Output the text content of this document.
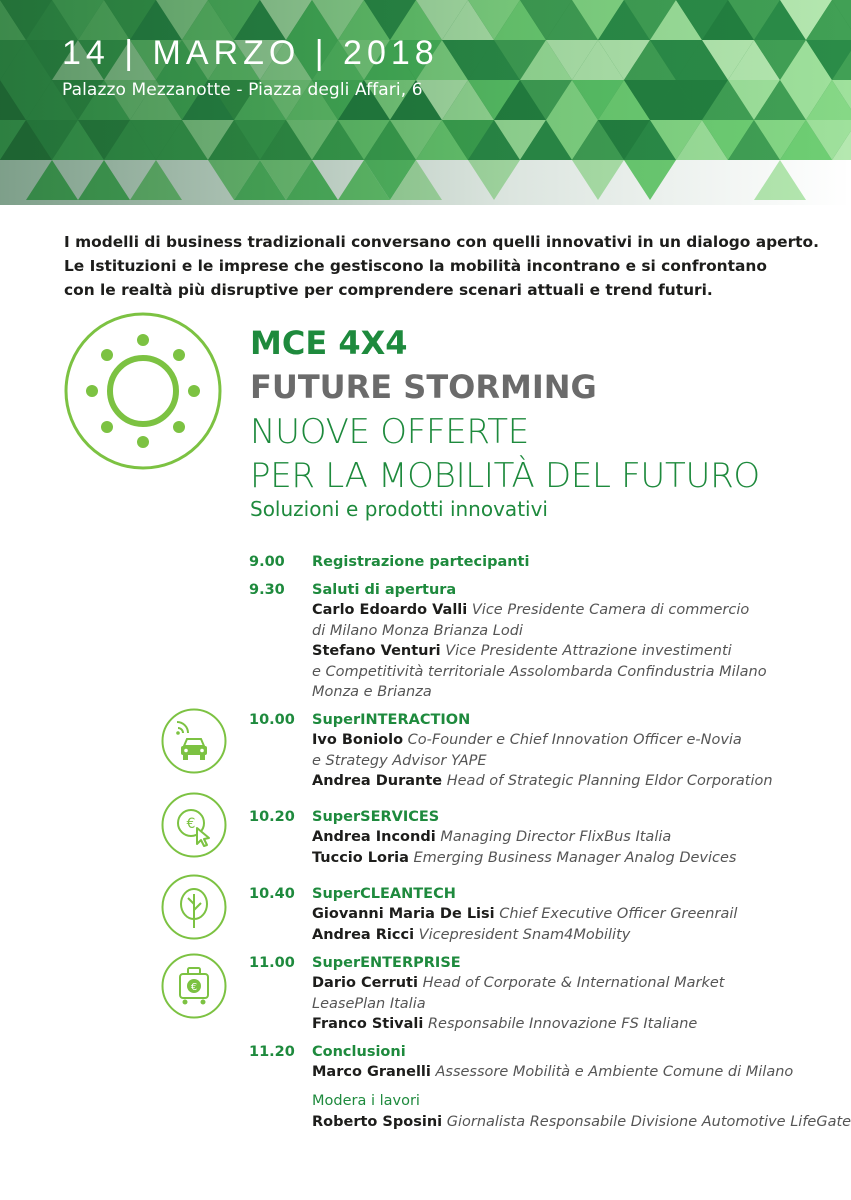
14 | MARZO | 2018
Palazzo Mezzanotte - Piazza degli Affari, 6
I modelli di business tradizionali conversano con quelli innovativi in un dialogo aperto.
Le Istituzioni e le imprese che gestiscono la mobilità incontrano e si confrontano
con le realtà più disruptive per comprendere scenari attuali e trend futuri.
MCE 4X4
FUTURE STORMING
NUOVE OFFERTE
PER LA MOBILITÀ DEL FUTURO
Soluzioni e prodotti innovativi
9.00 Registrazione partecipanti
9.30 Saluti di apertura
Carlo Edoardo Valli Vice Presidente Camera di commercio
di Milano Monza Brianza Lodi
Stefano Venturi Vice Presidente Attrazione investimenti
e Competitività territoriale Assolombarda Confindustria Milano
Monza e Brianza
10.00 SuperINTERACTION
Ivo Boniolo Co-Founder e Chief Innovation Officer e-Novia
e Strategy Advisor YAPE
Andrea Durante Head of Strategic Planning Eldor Corporation
€	10.20 SuperSERVICES
Andrea Incondi Managing Director FlixBus Italia
Tuccio Loria Emerging Business Manager Analog Devices
10.40 SuperCLEANTECH
Giovanni Maria De Lisi Chief Executive Officer Greenrail
Andrea Ricci Vicepresident Snam4Mobility
€
11.00 SuperENTERPRISE
Dario Cerruti Head of Corporate & International Market
LeasePlan Italia
Franco Stivali Responsabile Innovazione FS Italiane
11.20 Conclusioni
Marco Granelli Assessore Mobilità e Ambiente Comune di Milano
Modera i lavori
Roberto Sposini Giornalista Responsabile Divisione Automotive LifeGate
